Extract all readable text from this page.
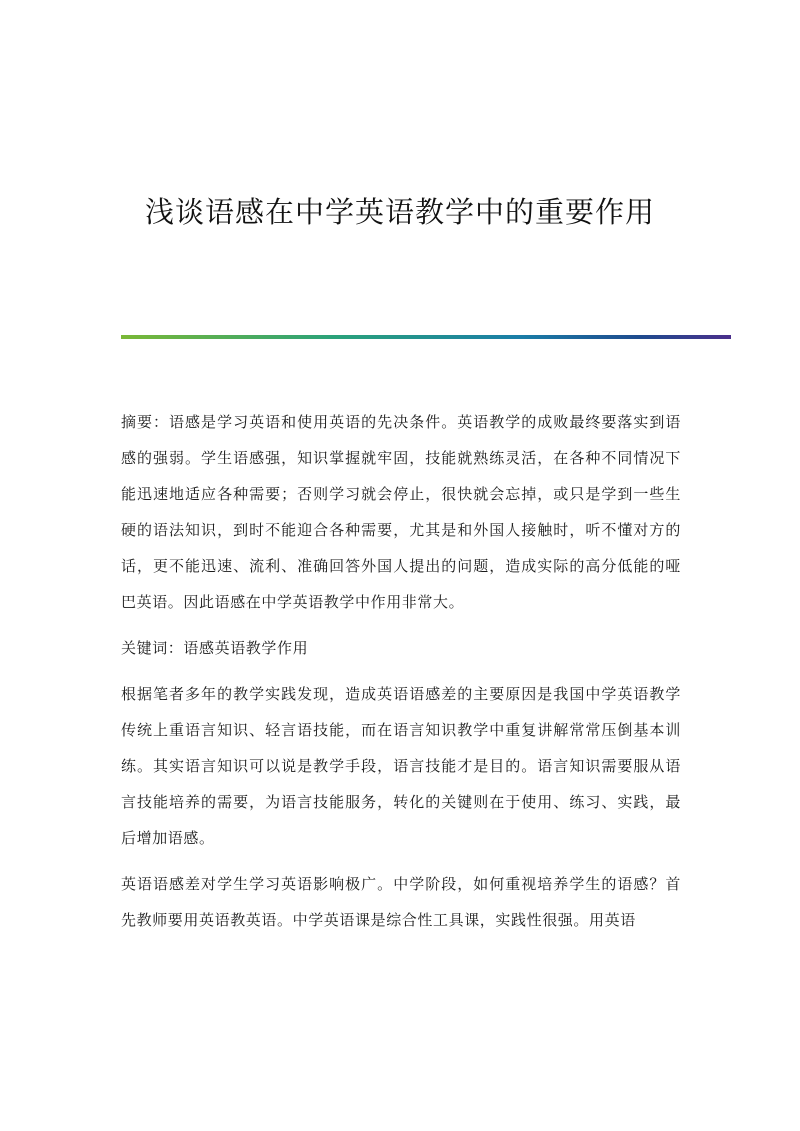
浅谈语感在中学英语教学中的重要作用

摘要：语感是学习英语和使用英语的先决条件。英语教学的成败最终要落实到语感的强弱。学生语感强，知识掌握就牢固，技能就熟练灵活，在各种不同情况下能迅速地适应各种需要；否则学习就会停止，很快就会忘掉，或只是学到一些生硬的语法知识，到时不能迎合各种需要，尤其是和外国人接触时，听不懂对方的话，更不能迅速、流利、准确回答外国人提出的问题，造成实际的高分低能的哑巴英语。因此语感在中学英语教学中作用非常大。

关键词：语感英语教学作用

根据笔者多年的教学实践发现，造成英语语感差的主要原因是我国中学英语教学传统上重语言知识、轻言语技能，而在语言知识教学中重复讲解常常压倒基本训练。其实语言知识可以说是教学手段，语言技能才是目的。语言知识需要服从语言技能培养的需要，为语言技能服务，转化的关键则在于使用、练习、实践，最后增加语感。

英语语感差对学生学习英语影响极广。中学阶段，如何重视培养学生的语感？首先教师要用英语教英语。中学英语课是综合性工具课，实践性很强。用英语
